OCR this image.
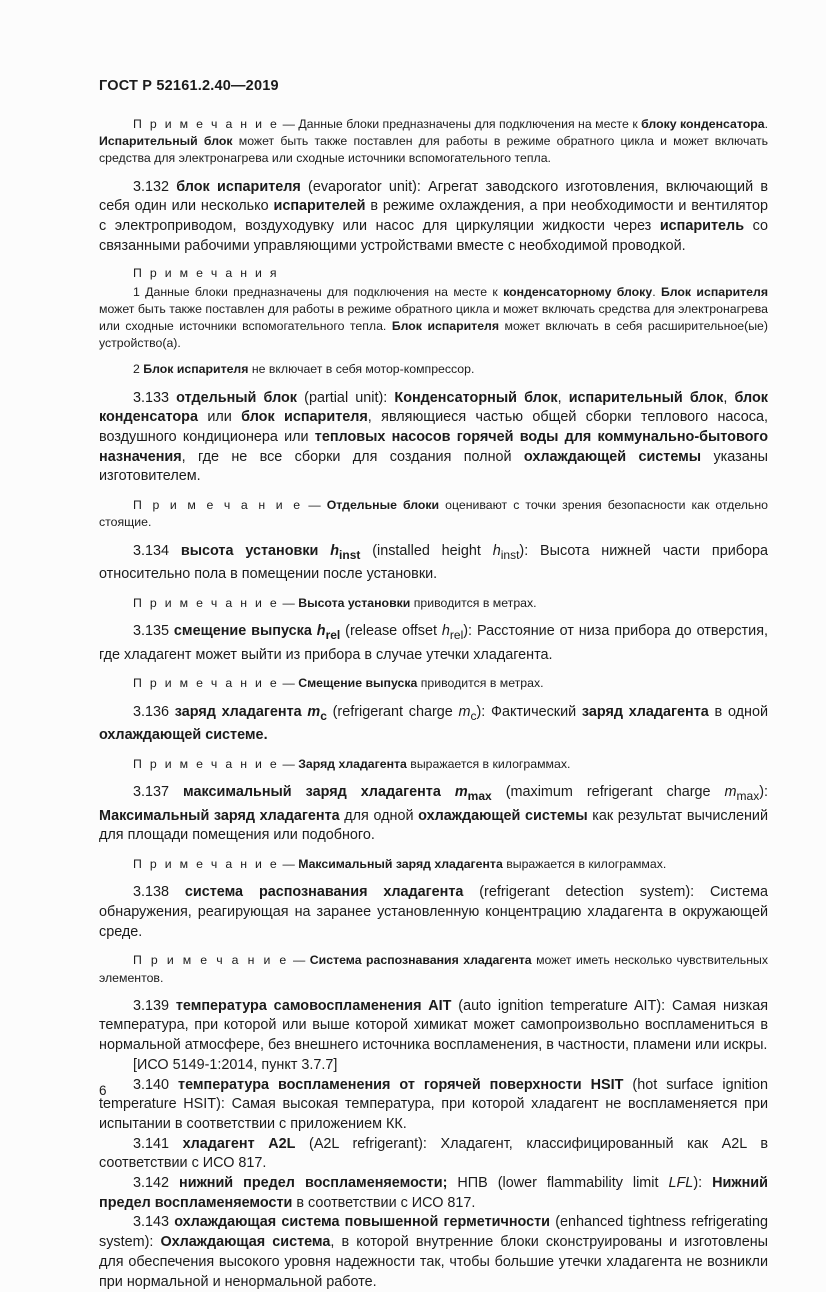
ГОСТ Р 52161.2.40—2019

П р и м е ч а н и е — Данные блоки предназначены для подключения на месте к блоку конденсатора. Испарительный блок может быть также поставлен для работы в режиме обратного цикла и может включать средства для электронагрева или сходные источники вспомогательного тепла.

3.132 блок испарителя (evaporator unit): Агрегат заводского изготовления, включающий в себя один или несколько испарителей в режиме охлаждения, а при необходимости и вентилятор с электроприводом, воздуходувку или насос для циркуляции жидкости через испаритель со связанными рабочими управляющими устройствами вместе с необходимой проводкой.

П р и м е ч а н и я

1 Данные блоки предназначены для подключения на месте к конденсаторному блоку. Блок испарителя может быть также поставлен для работы в режиме обратного цикла и может включать средства для электронагрева или сходные источники вспомогательного тепла. Блок испарителя может включать в себя расширительное(ые) устройство(а).

2 Блок испарителя не включает в себя мотор-компрессор.

3.133 отдельный блок (partial unit): Конденсаторный блок, испарительный блок, блок конденсатора или блок испарителя, являющиеся частью общей сборки теплового насоса, воздушного кондиционера или тепловых насосов горячей воды для коммунально-бытового назначения, где не все сборки для создания полной охлаждающей системы указаны изготовителем.

П р и м е ч а н и е — Отдельные блоки оценивают с точки зрения безопасности как отдельно стоящие.

3.134 высота установки $h_{inst}$ (installed height $h_{inst}$): Высота нижней части прибора относительно пола в помещении после установки.

П р и м е ч а н и е — Высота установки приводится в метрах.

3.135 смещение выпуска $h_{rel}$ (release offset $h_{rel}$): Расстояние от низа прибора до отверстия, где хладагент может выйти из прибора в случае утечки хладагента.

П р и м е ч а н и е — Смещение выпуска приводится в метрах.

3.136 заряд хладагента $m_c$ (refrigerant charge $m_c$): Фактический заряд хладагента в одной охлаждающей системе.

П р и м е ч а н и е — Заряд хладагента выражается в килограммах.

3.137 максимальный заряд хладагента $m_{max}$ (maximum refrigerant charge $m_{max}$): Максимальный заряд хладагента для одной охлаждающей системы как результат вычислений для площади помещения или подобного.

П р и м е ч а н и е — Максимальный заряд хладагента выражается в килограммах.

3.138 система распознавания хладагента (refrigerant detection system): Система обнаружения, реагирующая на заранее установленную концентрацию хладагента в окружающей среде.

П р и м е ч а н и е — Система распознавания хладагента может иметь несколько чувствительных элементов.

3.139 температура самовоспламенения AIT (auto ignition temperature AIT): Самая низкая температура, при которой или выше которой химикат может самопроизвольно воспламениться в нормальной атмосфере, без внешнего источника воспламенения, в частности, пламени или искры.

[ИСО 5149-1:2014, пункт 3.7.7]

3.140 температура воспламенения от горячей поверхности HSIT (hot surface ignition temperature HSIT): Самая высокая температура, при которой хладагент не воспламеняется при испытании в соответствии с приложением КК.

3.141 хладагент A2L (A2L refrigerant): Хладагент, классифицированный как A2L в соответствии с ИСО 817.

3.142 нижний предел воспламеняемости; НПВ (lower flammability limit LFL): Нижний предел воспламеняемости в соответствии с ИСО 817.

3.143 охлаждающая система повышенной герметичности (enhanced tightness refrigerating system): Охлаждающая система, в которой внутренние блоки сконструированы и изготовлены для обеспечения высокого уровня надежности так, чтобы большие утечки хладагента не возникли при нормальной и ненормальной работе.

6
